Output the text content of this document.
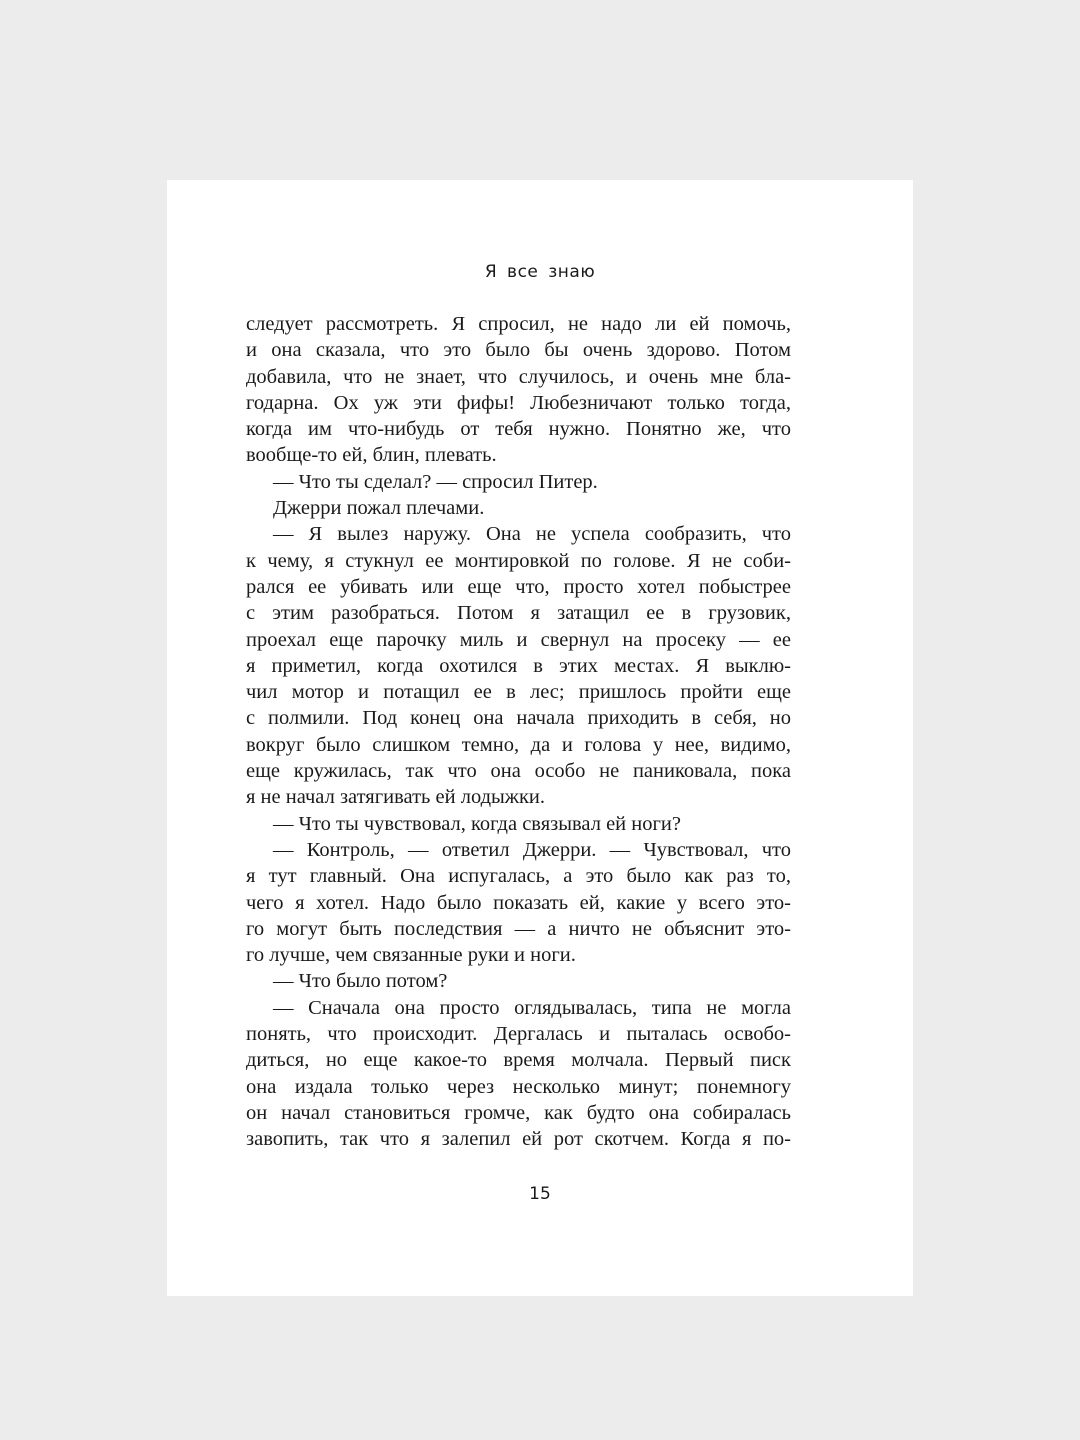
Я все знаю
следует рассмотреть. Я спросил, не надо ли ей помочь,
и она сказала, что это было бы очень здорово. Потом
добавила, что не знает, что случилось, и очень мне бла-
годарна. Ох уж эти фифы! Любезничают только тогда,
когда им что-нибудь от тебя нужно. Понятно же, что
вообще-то ей, блин, плевать.
— Что ты сделал? — спросил Питер.
Джерри пожал плечами.
— Я вылез наружу. Она не успела сообразить, что
к чему, я стукнул ее монтировкой по голове. Я не соби-
рался ее убивать или еще что, просто хотел побыстрее
с этим разобраться. Потом я затащил ее в грузовик,
проехал еще парочку миль и свернул на просеку — ее
я приметил, когда охотился в этих местах. Я выклю-
чил мотор и потащил ее в лес; пришлось пройти еще
с полмили. Под конец она начала приходить в себя, но
вокруг было слишком темно, да и голова у нее, видимо,
еще кружилась, так что она особо не паниковала, пока
я не начал затягивать ей лодыжки.
— Что ты чувствовал, когда связывал ей ноги?
— Контроль, — ответил Джерри. — Чувствовал, что
я тут главный. Она испугалась, а это было как раз то,
чего я хотел. Надо было показать ей, какие у всего это-
го могут быть последствия — а ничто не объяснит это-
го лучше, чем связанные руки и ноги.
— Что было потом?
— Сначала она просто оглядывалась, типа не могла
понять, что происходит. Дергалась и пыталась освобо-
диться, но еще какое-то время молчала. Первый писк
она издала только через несколько минут; понемногу
он начал становиться громче, как будто она собиралась
завопить, так что я залепил ей рот скотчем. Когда я по-
15
